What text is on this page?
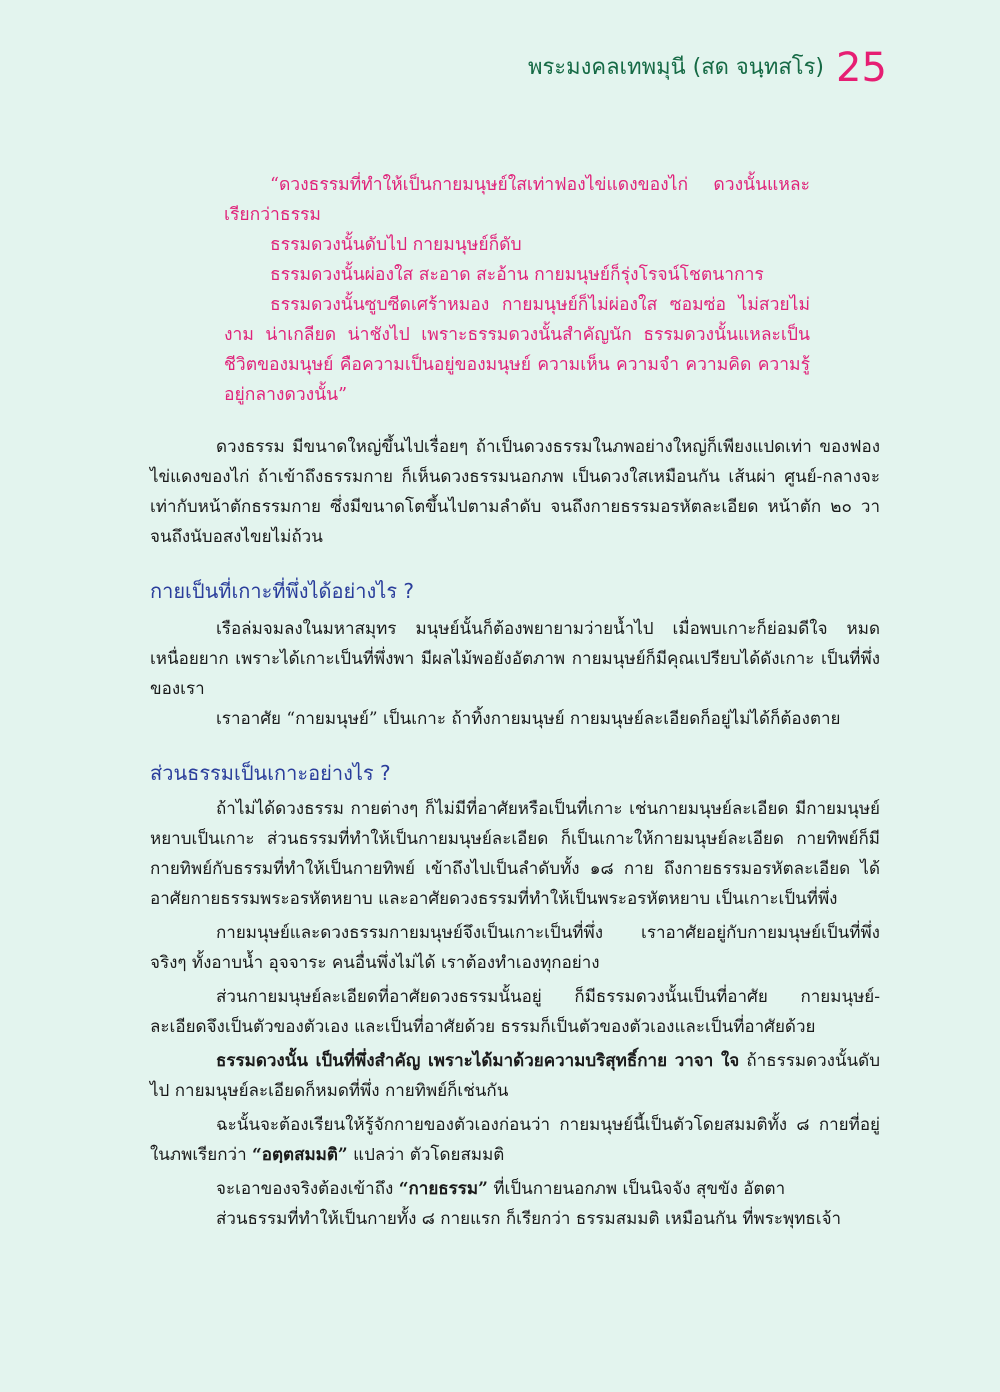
พระมงคลเทพมุนี (สด จนฺทสโร) 25

“ดวงธรรมที่ทำให้เป็นกายมนุษย์ใสเท่าฟองไข่แดงของไก่ ดวงนั้นแหละเรียกว่าธรรม

ธรรมดวงนั้นดับไป กายมนุษย์ก็ดับ

ธรรมดวงนั้นผ่องใส สะอาด สะอ้าน กายมนุษย์ก็รุ่งโรจน์โชตนาการ

ธรรมดวงนั้นซูบซีดเศร้าหมอง กายมนุษย์ก็ไม่ผ่องใส ซอมซ่อ ไม่สวยไม่งาม น่าเกลียด น่าชังไป เพราะธรรมดวงนั้นสำคัญนัก ธรรมดวงนั้นแหละเป็นชีวิตของมนุษย์ คือความเป็นอยู่ของมนุษย์ ความเห็น ความจำ ความคิด ความรู้ อยู่กลางดวงนั้น”

ดวงธรรม มีขนาดใหญ่ขึ้นไปเรื่อยๆ ถ้าเป็นดวงธรรมในภพอย่างใหญ่ก็เพียงแปดเท่า ของฟองไข่แดงของไก่ ถ้าเข้าถึงธรรมกาย ก็เห็นดวงธรรมนอกภพ เป็นดวงใสเหมือนกัน เส้นผ่า ศูนย์-กลางจะเท่ากับหน้าตักธรรมกาย ซึ่งมีขนาดโตขึ้นไปตามลำดับ จนถึงกายธรรมอรหัตละเอียด หน้าตัก ๒๐ วา จนถึงนับอสงไขยไม่ถ้วน

กายเป็นที่เกาะที่พึ่งได้อย่างไร ?

เรือล่มจมลงในมหาสมุทร มนุษย์นั้นก็ต้องพยายามว่ายน้ำไป เมื่อพบเกาะก็ย่อมดีใจ หมดเหนื่อยยาก เพราะได้เกาะเป็นที่พึ่งพา มีผลไม้พอยังอัตภาพ กายมนุษย์ก็มีคุณเปรียบได้ดังเกาะ เป็นที่พึ่งของเรา

เราอาศัย “กายมนุษย์” เป็นเกาะ ถ้าทิ้งกายมนุษย์ กายมนุษย์ละเอียดก็อยู่ไม่ได้ก็ต้องตาย

ส่วนธรรมเป็นเกาะอย่างไร ?

ถ้าไม่ได้ดวงธรรม กายต่างๆ ก็ไม่มีที่อาศัยหรือเป็นที่เกาะ เช่นกายมนุษย์ละเอียด มีกายมนุษย์หยาบเป็นเกาะ ส่วนธรรมที่ทำให้เป็นกายมนุษย์ละเอียด ก็เป็นเกาะให้กายมนุษย์ละเอียด กายทิพย์ก็มีกายทิพย์กับธรรมที่ทำให้เป็นกายทิพย์ เข้าถึงไปเป็นลำดับทั้ง ๑๘ กาย ถึงกายธรรมอรหัตละเอียด ได้อาศัยกายธรรมพระอรหัตหยาบ และอาศัยดวงธรรมที่ทำให้เป็นพระอรหัตหยาบ เป็นเกาะเป็นที่พึ่ง

กายมนุษย์และดวงธรรมกายมนุษย์จึงเป็นเกาะเป็นที่พึ่ง เราอาศัยอยู่กับกายมนุษย์เป็นที่พึ่งจริงๆ ทั้งอาบน้ำ อุจจาระ คนอื่นพึ่งไม่ได้ เราต้องทำเองทุกอย่าง

ส่วนกายมนุษย์ละเอียดที่อาศัยดวงธรรมนั้นอยู่ ก็มีธรรมดวงนั้นเป็นที่อาศัย กายมนุษย์-ละเอียดจึงเป็นตัวของตัวเอง และเป็นที่อาศัยด้วย ธรรมก็เป็นตัวของตัวเองและเป็นที่อาศัยด้วย

ธรรมดวงนั้น เป็นที่พึ่งสำคัญ เพราะได้มาด้วยความบริสุทธิ์กาย วาจา ใจ ถ้าธรรมดวงนั้นดับไป กายมนุษย์ละเอียดก็หมดที่พึ่ง กายทิพย์ก็เช่นกัน

ฉะนั้นจะต้องเรียนให้รู้จักกายของตัวเองก่อนว่า กายมนุษย์นี้เป็นตัวโดยสมมติทั้ง ๘ กายที่อยู่ในภพเรียกว่า “อตฺตสมมติ” แปลว่า ตัวโดยสมมติ

จะเอาของจริงต้องเข้าถึง “กายธรรม” ที่เป็นกายนอกภพ เป็นนิจจัง สุขขัง อัตตา

ส่วนธรรมที่ทำให้เป็นกายทั้ง ๘ กายแรก ก็เรียกว่า ธรรมสมมติ เหมือนกัน ที่พระพุทธเจ้า
